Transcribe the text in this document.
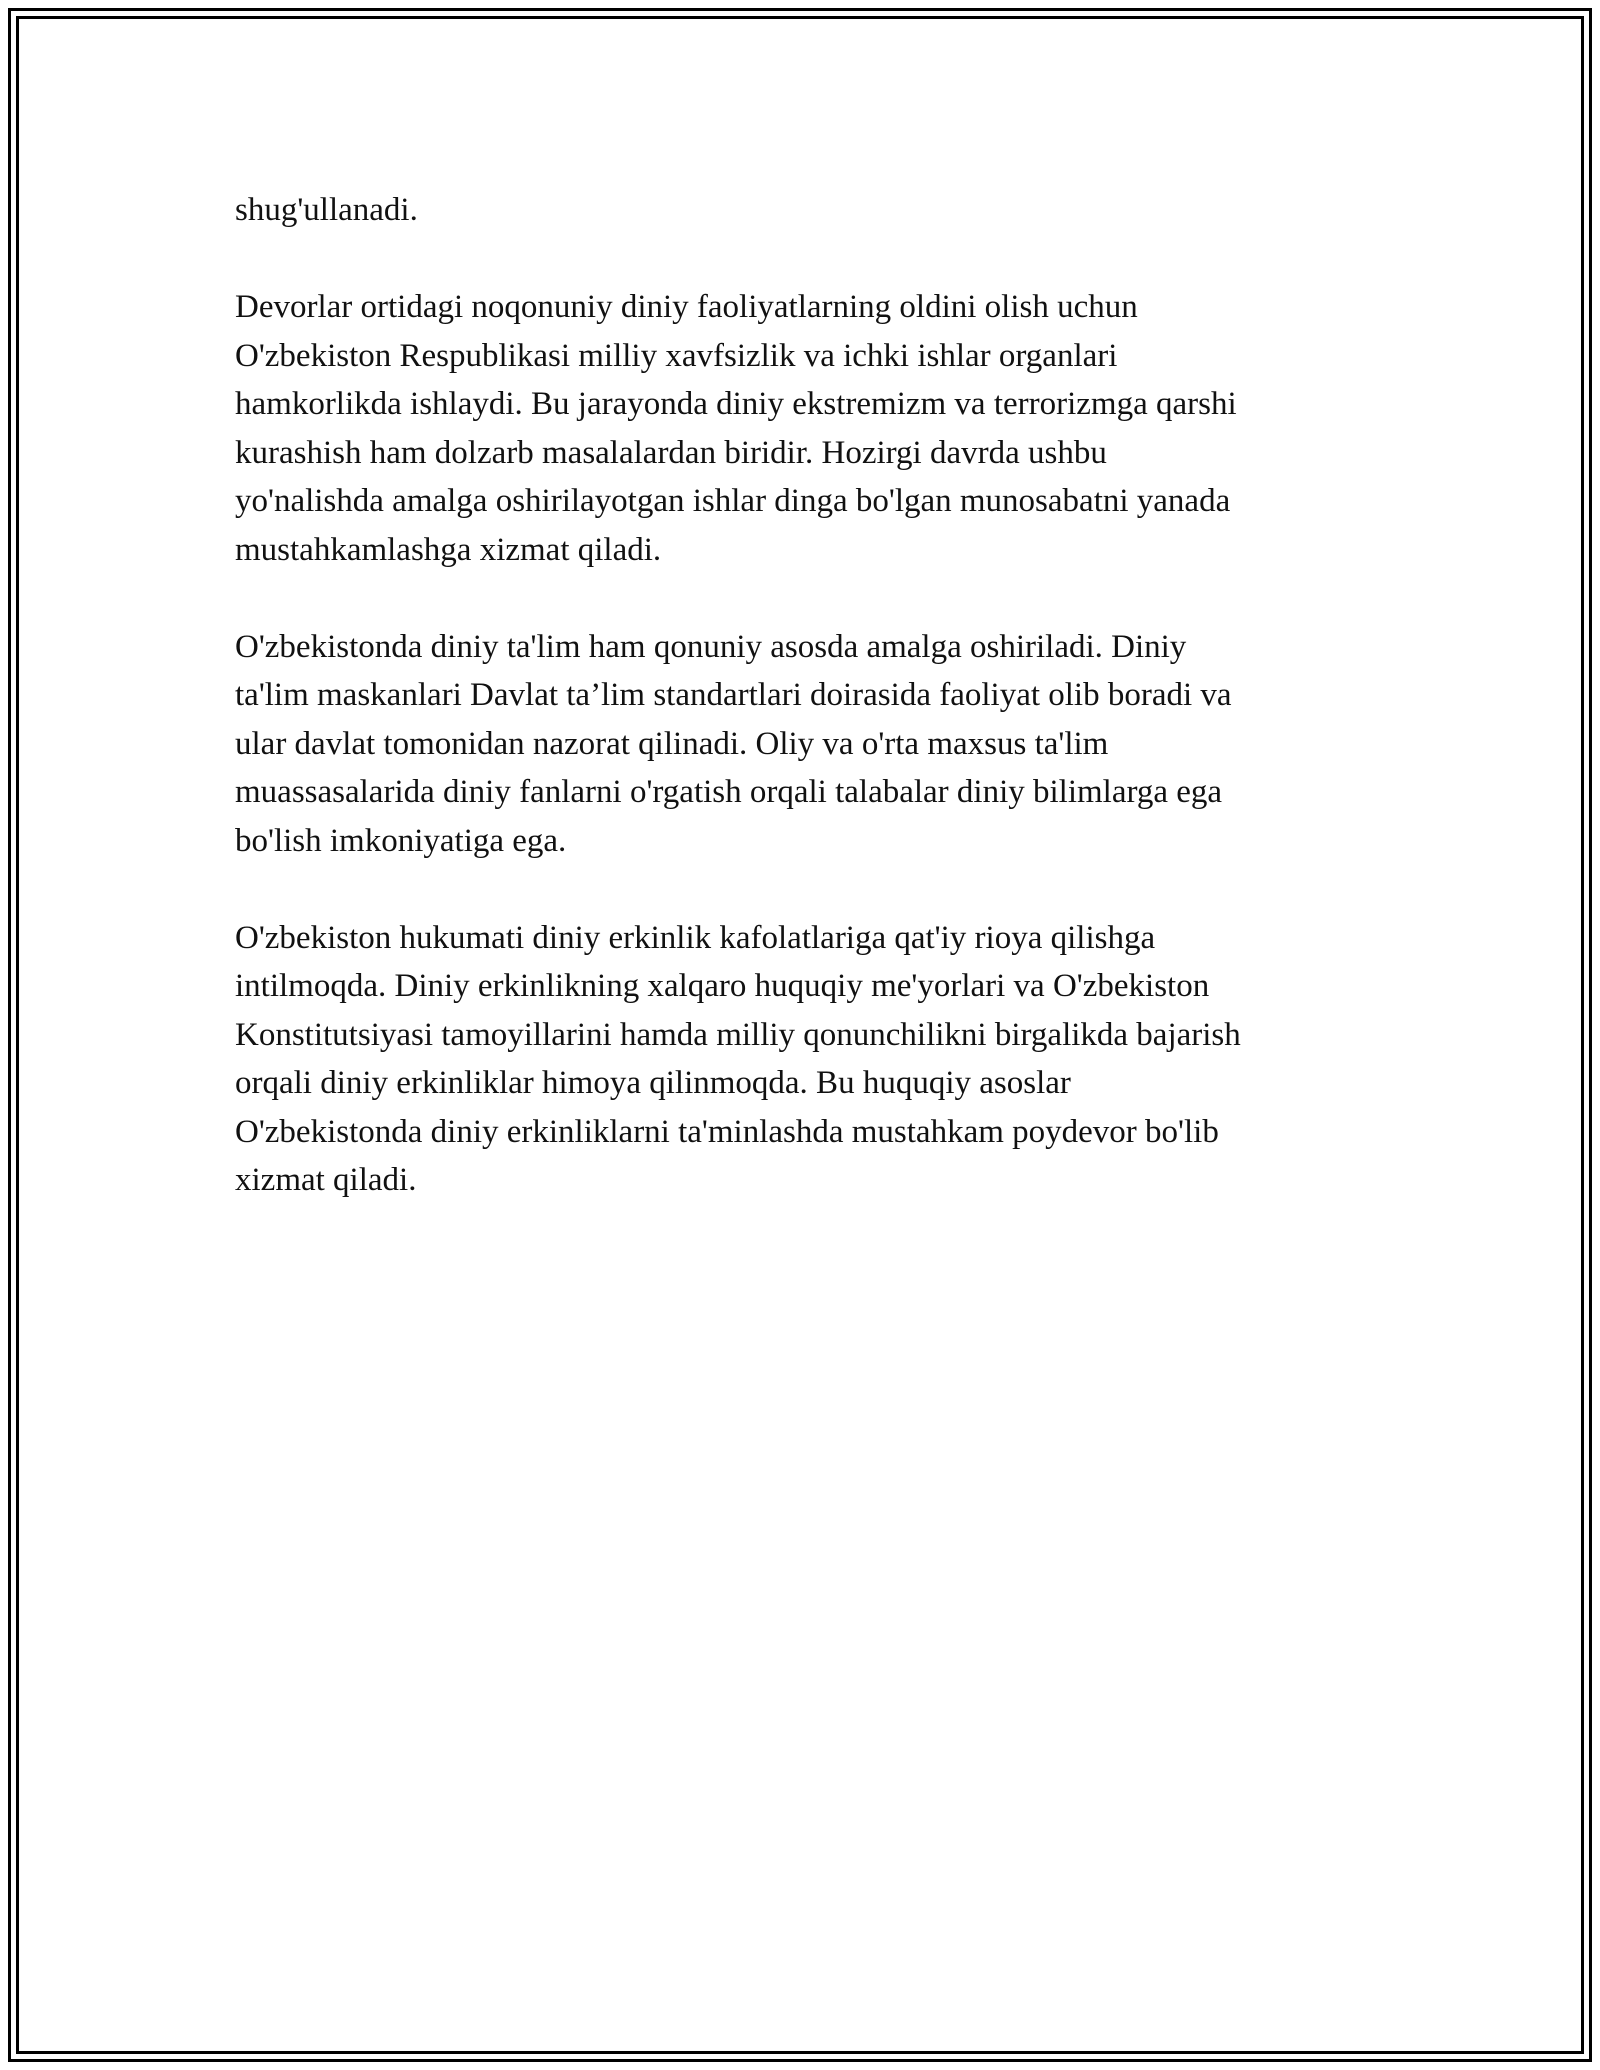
shug'ullanadi.

Devorlar ortidagi noqonuniy diniy faoliyatlarning oldini olish uchun
O'zbekiston Respublikasi milliy xavfsizlik va ichki ishlar organlari
hamkorlikda ishlaydi. Bu jarayonda diniy ekstremizm va terrorizmga qarshi
kurashish ham dolzarb masalalardan biridir. Hozirgi davrda ushbu
yo'nalishda amalga oshirilayotgan ishlar dinga bo'lgan munosabatni yanada
mustahkamlashga xizmat qiladi.

O'zbekistonda diniy ta'lim ham qonuniy asosda amalga oshiriladi. Diniy
ta'lim maskanlari Davlat ta’lim standartlari doirasida faoliyat olib boradi va
ular davlat tomonidan nazorat qilinadi. Oliy va o'rta maxsus ta'lim
muassasalarida diniy fanlarni o'rgatish orqali talabalar diniy bilimlarga ega
bo'lish imkoniyatiga ega.

O'zbekiston hukumati diniy erkinlik kafolatlariga qat'iy rioya qilishga
intilmoqda. Diniy erkinlikning xalqaro huquqiy me'yorlari va O'zbekiston
Konstitutsiyasi tamoyillarini hamda milliy qonunchilikni birgalikda bajarish
orqali diniy erkinliklar himoya qilinmoqda. Bu huquqiy asoslar
O'zbekistonda diniy erkinliklarni ta'minlashda mustahkam poydevor bo'lib
xizmat qiladi.
